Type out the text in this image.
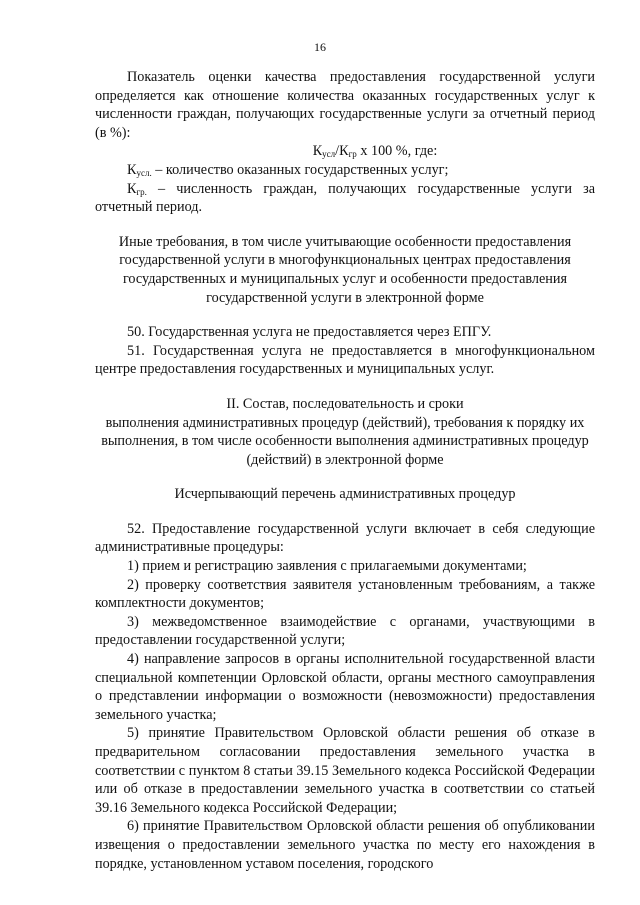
16

Показатель оценки качества предоставления государственной услуги определяется как отношение количества оказанных государственных услуг к численности граждан, получающих государственные услуги за отчетный период (в %):

$К_{усл}/К_{гр}$ х 100 %, где:

$К_{усл.}$ – количество оказанных государственных услуг;

$К_{гр.}$ – численность граждан, получающих государственные услуги за отчетный период.

Иные требования, в том числе учитывающие особенности предоставления государственной услуги в многофункциональных центрах предоставления государственных и муниципальных услуг и особенности предоставления государственной услуги в электронной форме

50. Государственная услуга не предоставляется через ЕПГУ.

51. Государственная услуга не предоставляется в многофункциональном центре предоставления государственных и муниципальных услуг.

II. Состав, последовательность и сроки

выполнения административных процедур (действий), требования к порядку их выполнения, в том числе особенности выполнения административных процедур (действий) в электронной форме

Исчерпывающий перечень административных процедур

52. Предоставление государственной услуги включает в себя следующие административные процедуры:

1) прием и регистрацию заявления с прилагаемыми документами;

2) проверку соответствия заявителя установленным требованиям, а также комплектности документов;

3) межведомственное взаимодействие с органами, участвующими в предоставлении государственной услуги;

4) направление запросов в органы исполнительной государственной власти специальной компетенции Орловской области, органы местного самоуправления о представлении информации о возможности (невозможности) предоставления земельного участка;

5) принятие Правительством Орловской области решения об отказе в предварительном согласовании предоставления земельного участка в соответствии с пунктом 8 статьи 39.15 Земельного кодекса Российской Федерации или об отказе в предоставлении земельного участка в соответствии со статьей 39.16 Земельного кодекса Российской Федерации;

6) принятие Правительством Орловской области решения об опубликовании извещения о предоставлении земельного участка по месту его нахождения в порядке, установленном уставом поселения, городского
